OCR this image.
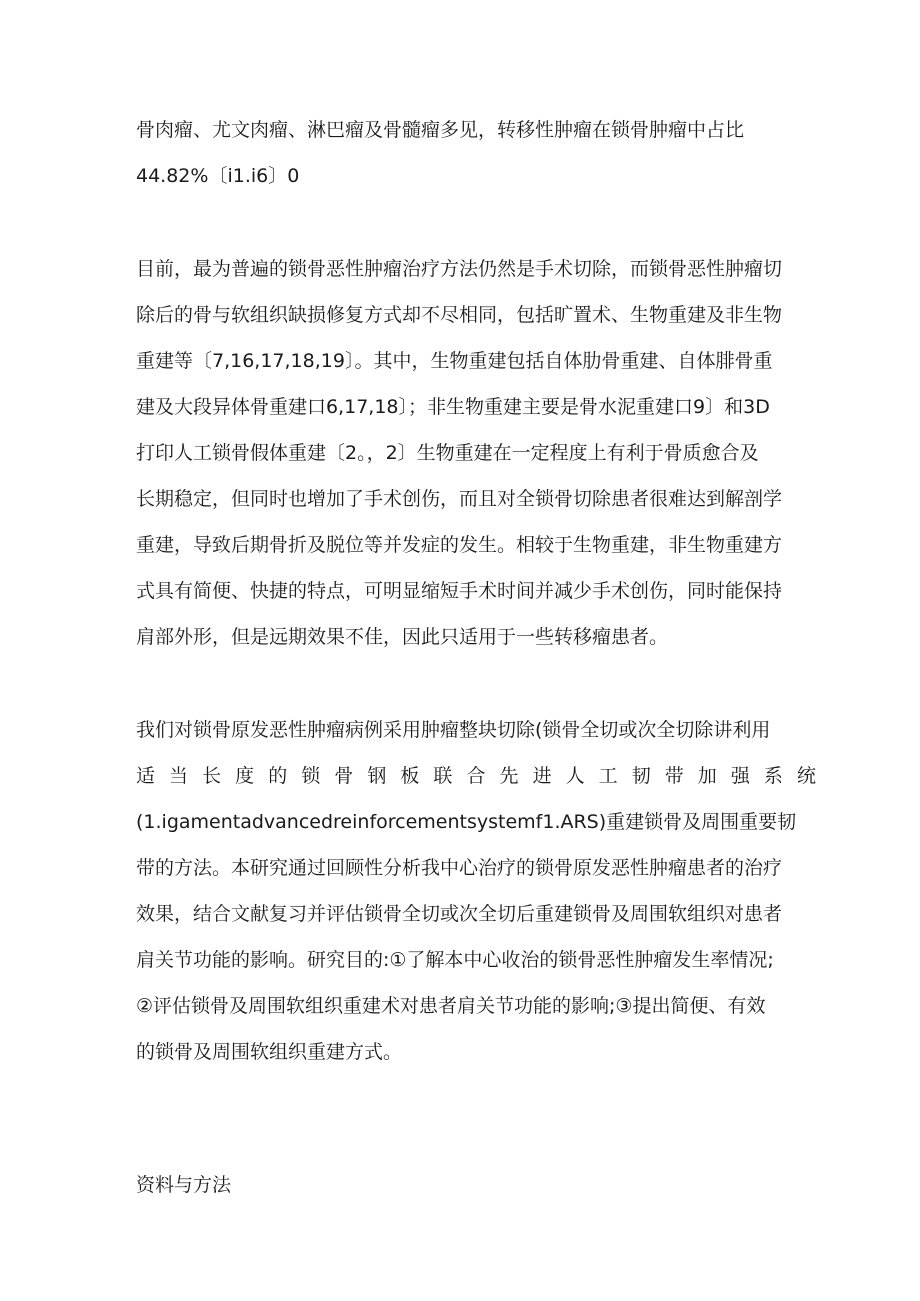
骨肉瘤、尤文肉瘤、淋巴瘤及骨髓瘤多见，转移性肿瘤在锁骨肿瘤中占比
44.82%〔i1.i6〕0
目前，最为普遍的锁骨恶性肿瘤治疗方法仍然是手术切除，而锁骨恶性肿瘤切
除后的骨与软组织缺损修复方式却不尽相同，包括旷置术、生物重建及非生物
重建等〔7,16,17,18,19〕。其中，生物重建包括自体肋骨重建、自体腓骨重
建及大段异体骨重建口6,17,18〕；非生物重建主要是骨水泥重建口9〕和3D
打印人工锁骨假体重建〔2。，2〕生物重建在一定程度上有利于骨质愈合及
长期稳定，但同时也增加了手术创伤，而且对全锁骨切除患者很难达到解剖学
重建，导致后期骨折及脱位等并发症的发生。相较于生物重建，非生物重建方
式具有简便、快捷的特点，可明显缩短手术时间并减少手术创伤，同时能保持
肩部外形，但是远期效果不佳，因此只适用于一些转移瘤患者。
我们对锁骨原发恶性肿瘤病例采用肿瘤整块切除(锁骨全切或次全切除讲利用
适 当 长 度 的 锁 骨 钢 板 联 合 先 进 人 工 韧 带 加 强 系 统
(1.igamentadvancedreinforcementsystemf1.ARS)重建锁骨及周围重要韧
带的方法。本研究通过回顾性分析我中心治疗的锁骨原发恶性肿瘤患者的治疗
效果，结合文献复习并评估锁骨全切或次全切后重建锁骨及周围软组织对患者
肩关节功能的影响。研究目的:①了解本中心收治的锁骨恶性肿瘤发生率情况;
②评估锁骨及周围软组织重建术对患者肩关节功能的影响;③提出简便、有效
的锁骨及周围软组织重建方式。
资料与方法
